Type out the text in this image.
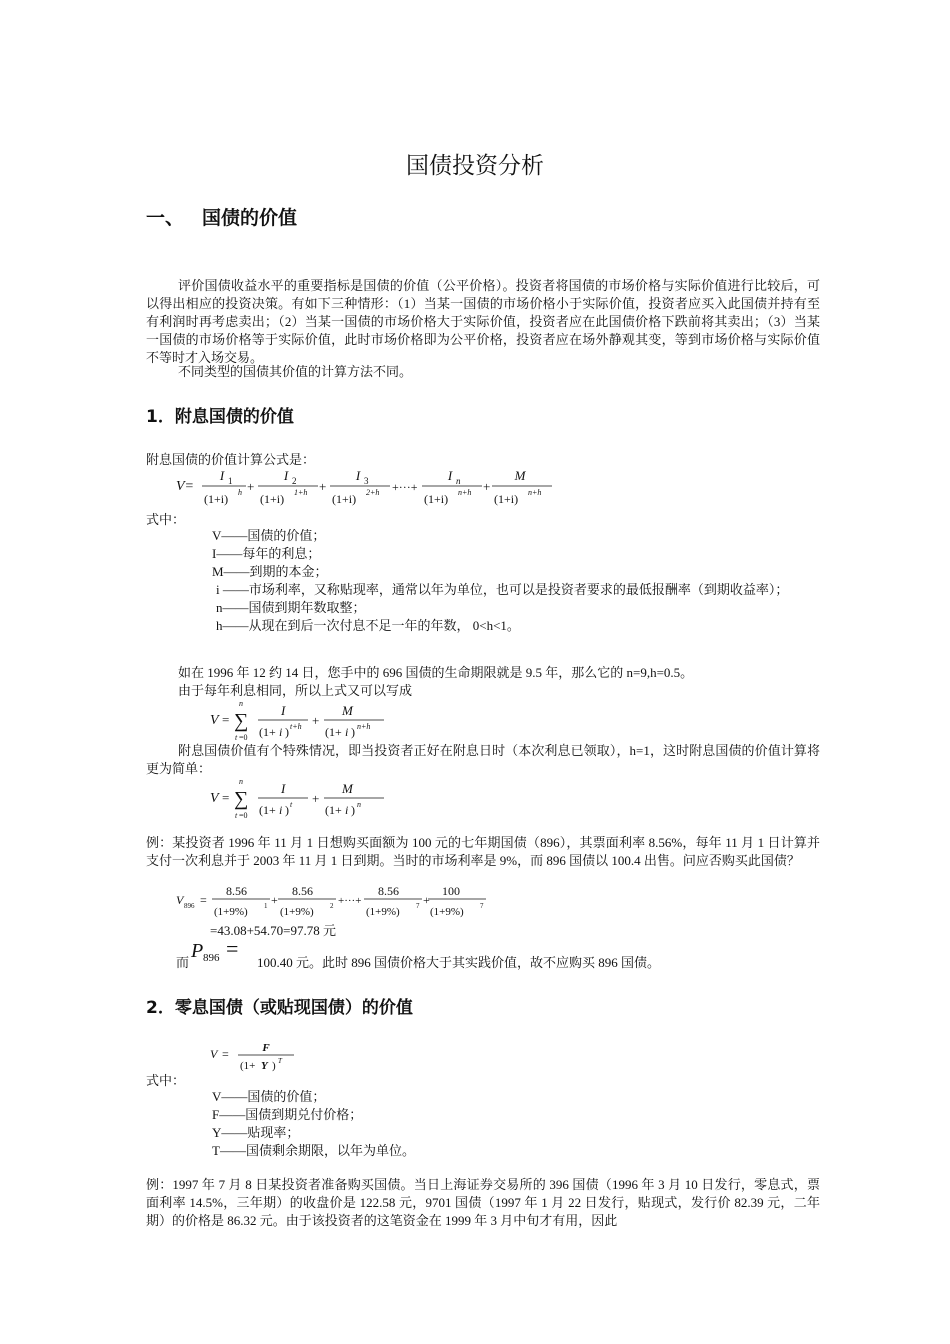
国债投资分析
一、 国债的价值
评价国债收益水平的重要指标是国债的价值（公平价格）。投资者将国债的市场价格与实际价值进行比较后，可以得出相应的投资决策。有如下三种情形：（1）当某一国债的市场价格小于实际价值，投资者应买入此国债并持有至有利润时再考虑卖出；（2）当某一国债的市场价格大于实际价值，投资者应在此国债价格下跌前将其卖出；（3）当某一国债的市场价格等于实际价值，此时市场价格即为公平价格，投资者应在场外静观其变，等到市场价格与实际价值不等时才入场交易。
不同类型的国债其价值的计算方法不同。
1．附息国债的价值
附息国债的价值计算公式是：
V=
I 1
(1+i) h +
I 2
(1+i) 1+h +
I 3
(1+i) 2+h +···+
I n
(1+i) n+h +
M
(1+i) n+h
式中：
V——国债的价值；
I——每年的利息；
M——到期的本金；
i ——市场利率，又称贴现率，通常以年为单位，也可以是投资者要求的最低报酬率（到期收益率）；
n——国债到期年数取整；
h——从现在到后一次付息不足一年的年数， 0<h<1。
如在 1996 年 12 约 14 日，您手中的 696 国债的生命期限就是 9.5 年，那么它的 n=9,h=0.5。
由于每年利息相同，所以上式又可以写成
V = ∑
n
t =0
I
(1+ i ) t+h +
M
(1+ i ) n+h
附息国债价值有个特殊情况，即当投资者正好在附息日时（本次利息已领取），h=1，这时附息国债的价值计算将更为简单：
V = ∑
n
t =0
I
(1+ i ) t +
M
(1+ i ) n
例：某投资者 1996 年 11 月 1 日想购买面额为 100 元的七年期国债（896），其票面利率 8.56%，每年 11 月 1 日计算并支付一次利息并于 2003 年 11 月 1 日到期。当时的市场利率是 9%，而 896 国债以 100.4 出售。问应否购买此国债？
V 896 =
8.56
(1+9%) 1 +
8.56
(1+9%) 2 +···+
8.56
(1+9%) 7 +
100
(1+9%) 7
=43.08+54.70=97.78 元
而
P 896 =
100.40 元。此时 896 国债价格大于其实践价值，故不应购买 896 国债。
2．零息国债（或贴现国债）的价值
V =	F
(1+ Y ) T
式中：
V——国债的价值；
F——国债到期兑付价格；
Y——贴现率；
T——国债剩余期限，以年为单位。
例：1997 年 7 月 8 日某投资者准备购买国债。当日上海证券交易所的 396 国债（1996 年 3 月 10 日发行，零息式，票面利率 14.5%，三年期）的收盘价是 122.58 元，9701 国债（1997 年 1 月 22 日发行，贴现式，发行价 82.39 元，二年期）的价格是 86.32 元。由于该投资者的这笔资金在 1999 年 3 月中旬才有用，因此
